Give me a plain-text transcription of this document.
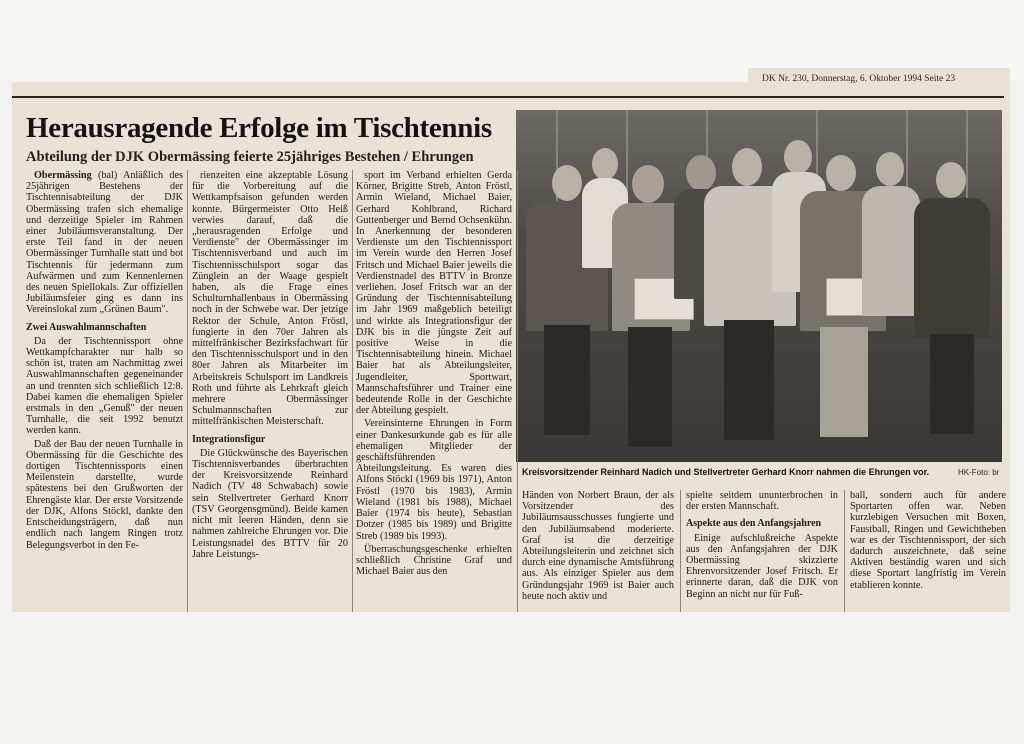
DK Nr. 230, Donnerstag, 6. Oktober 1994 Seite 23
Herausragende Erfolge im Tischtennis
Abteilung der DJK Obermässing feierte 25jähriges Bestehen / Ehrungen

Obermässing (bal) Anläßlich des 25jährigen Bestehens der Tischtennisabteilung der DJK Obermässing trafen sich ehemalige und derzeitige Spieler im Rahmen einer Jubiläumsveranstaltung. Der erste Teil fand in der neuen Obermässinger Turnhalle statt und bot Tischtennis für jedermann zum Aufwärmen und zum Kennenlernen des neuen Spiellokals. Zur offiziellen Jubiläumsfeier ging es dann ins Vereinslokal zum „Grünen Baum".

Zwei Auswahlmannschaften

Da der Tischtennissport ohne Wettkampfcharakter nur halb so schön ist, traten am Nachmittag zwei Auswahlmannschaften gegeneinander an und trennten sich schließlich 12:8. Dabei kamen die ehemaligen Spieler erstmals in den „Genuß" der neuen Turnhalle, die seit 1992 benutzt werden kann.

Daß der Bau der neuen Turnhalle in Obermässing für die Geschichte des dortigen Tischtennissports einen Meilenstein darstellte, wurde spätestens bei den Grußworten der Ehrengäste klar. Der erste Vorsitzende der DJK, Alfons Stöckl, dankte den Entscheidungsträgern, daß nun endlich nach langem Ringen trotz Belegungsverbot in den Fe-

rienzeiten eine akzeptable Lösung für die Vorbereitung auf die Wettkampfsaison gefunden werden konnte. Bürgermeister Otto Heiß verwies darauf, daß die „herausragenden Erfolge und Verdienste" der Obermässinger im Tischtennisverband und auch im Tischtennisschulsport sogar das Zünglein an der Waage gespielt haben, als die Frage eines Schulturnhallenbaus in Obermässing noch in der Schwebe war. Der jetzige Rektor der Schule, Anton Fröstl, fungierte in den 70er Jahren als mittelfränkischer Bezirksfachwart für den Tischtennisschulsport und in den 80er Jahren als Mitarbeiter im Arbeitskreis Schulsport im Landkreis Roth und führte als Lehrkraft gleich mehrere Obermässinger Schulmannschaften zur mittelfränkischen Meisterschaft.

Integrationsfigur

Die Glückwünsche des Bayerischen Tischtennisverbandes überbrachten der Kreisvorsitzende Reinhard Nadich (TV 48 Schwabach) sowie sein Stellvertreter Gerhard Knorr (TSV Georgensgmünd). Beide kamen nicht mit leeren Händen, denn sie nahmen zahlreiche Ehrungen vor. Die Leistungsnadel des BTTV für 20 Jahre Leistungs-

sport im Verband erhielten Gerda Körner, Brigitte Streb, Anton Fröstl, Armin Wieland, Michael Baier, Gerhard Kohlbrand, Richard Guttenberger und Bernd Ochsenkühn. In Anerkennung der besonderen Verdienste um den Tischtennissport im Verein wurde den Herren Josef Fritsch und Michael Baier jeweils die Verdienstnadel des BTTV in Bronze verliehen. Josef Fritsch war an der Gründung der Tischtennisabteilung im Jahr 1969 maßgeblich beteiligt und wirkte als Integrationsfigur der DJK bis in die jüngste Zeit auf positive Weise in die Tischtennisabteilung hinein. Michael Baier hat als Abteilungsleiter, Jugendleiter, Sportwart, Mannschaftsführer und Trainer eine bedeutende Rolle in der Geschichte der Abteilung gespielt.

Vereinsinterne Ehrungen in Form einer Dankesurkunde gab es für alle ehemaligen Mitglieder der geschäftsführenden Abteilungsleitung. Es waren dies Alfons Stöckl (1969 bis 1971), Anton Fröstl (1970 bis 1983), Armin Wieland (1981 bis 1988), Michael Baier (1974 bis heute), Sebastian Dotzer (1985 bis 1989) und Brigitte Streb (1989 bis 1993).

Überraschungsgeschenke erhielten schließlich Christine Graf und Michael Baier aus den

Kreisvorsitzender Reinhard Nadich und Stellvertreter Gerhard Knorr nahmen die Ehrungen vor.	HK-Foto: br

Händen von Norbert Braun, der als Vorsitzender des Jubiläumsausschusses fungierte und den Jubiläumsabend moderierte. Graf ist die derzeitige Abteilungsleiterin und zeichnet sich durch eine dynamische Amtsführung aus. Als einziger Spieler aus dem Gründungsjahr 1969 ist Baier auch heute noch aktiv und

spielte seitdem ununterbrochen in der ersten Mannschaft.

Aspekte aus den Anfangsjahren

Einige aufschlußreiche Aspekte aus den Anfangsjahren der DJK Obermässing skizzierte Ehrenvorsitzender Josef Fritsch. Er erinnerte daran, daß die DJK von Beginn an nicht nur für Fuß-

ball, sondern auch für andere Sportarten offen war. Neben kurzlebigen Versuchen mit Boxen, Faustball, Ringen und Gewichtheben war es der Tischtennissport, der sich dadurch auszeichnete, daß seine Aktiven beständig waren und sich diese Sportart langfristig im Verein etablieren konnte.
